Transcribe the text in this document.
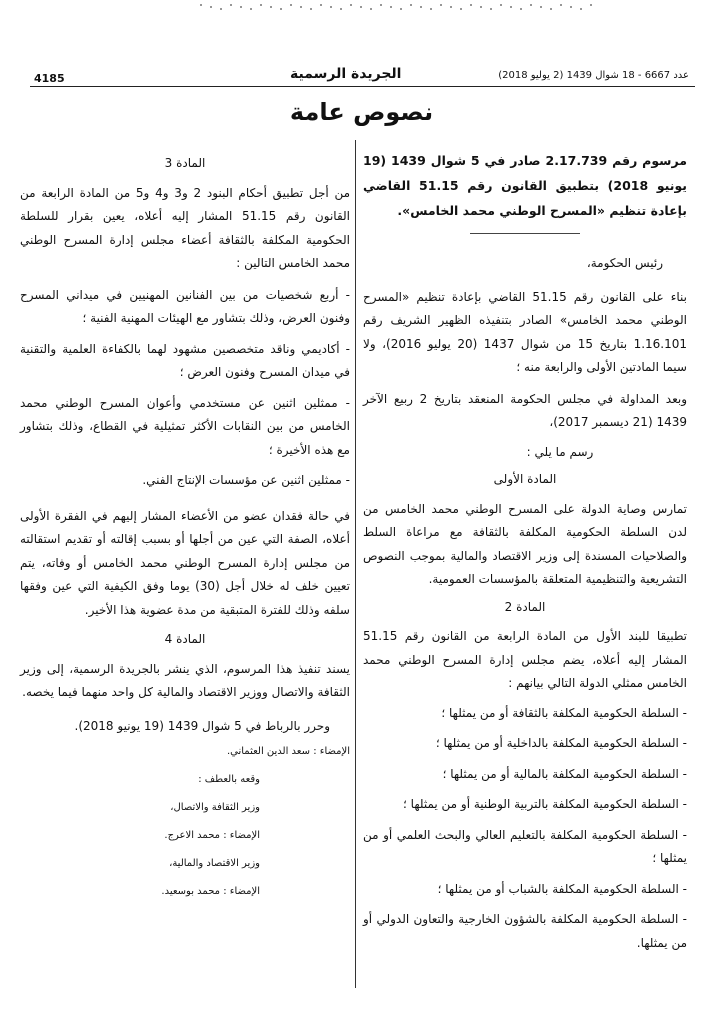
4185	الجريدة الرسمية	عدد 6667 - 18 شوال 1439 (2 يوليو 2018)
نصوص عامة

مرسوم رقم 2.17.739 صادر في 5 شوال 1439 (19 يونيو 2018) بتطبيق القانون رقم 51.15 القاضي بإعادة تنظيم «المسرح الوطني محمد الخامس».

رئيس الحكومة،

بناء على القانون رقم 51.15 القاضي بإعادة تنظيم «المسرح الوطني محمد الخامس» الصادر بتنفيذه الظهير الشريف رقم 1.16.101 بتاريخ 15 من شوال 1437 (20 يوليو 2016)، ولا سيما المادتين الأولى والرابعة منه ؛

وبعد المداولة في مجلس الحكومة المنعقد بتاريخ 2 ربيع الآخر 1439 (21 ديسمبر 2017)،

رسم ما يلي :

المادة الأولى

تمارس وصاية الدولة على المسرح الوطني محمد الخامس من لدن السلطة الحكومية المكلفة بالثقافة مع مراعاة السلط والصلاحيات المسندة إلى وزير الاقتصاد والمالية بموجب النصوص التشريعية والتنظيمية المتعلقة بالمؤسسات العمومية.

المادة 2

تطبيقا للبند الأول من المادة الرابعة من القانون رقم 51.15 المشار إليه أعلاه، يضم مجلس إدارة المسرح الوطني محمد الخامس ممثلي الدولة التالي بيانهم :

- السلطة الحكومية المكلفة بالثقافة أو من يمثلها ؛

- السلطة الحكومية المكلفة بالداخلية أو من يمثلها ؛

- السلطة الحكومية المكلفة بالمالية أو من يمثلها ؛

- السلطة الحكومية المكلفة بالتربية الوطنية أو من يمثلها ؛

- السلطة الحكومية المكلفة بالتعليم العالي والبحث العلمي أو من يمثلها ؛

- السلطة الحكومية المكلفة بالشباب أو من يمثلها ؛

- السلطة الحكومية المكلفة بالشؤون الخارجية والتعاون الدولي أو من يمثلها.

المادة 3

من أجل تطبيق أحكام البنود 2 و3 و4 و5 من المادة الرابعة من القانون رقم 51.15 المشار إليه أعلاه، يعين بقرار للسلطة الحكومية المكلفة بالثقافة أعضاء مجلس إدارة المسرح الوطني محمد الخامس التالين :

- أربع شخصيات من بين الفنانين المهنيين في ميداني المسرح وفنون العرض، وذلك بتشاور مع الهيئات المهنية الفنية ؛

- أكاديمي وناقد متخصصين مشهود لهما بالكفاءة العلمية والتقنية في ميدان المسرح وفنون العرض ؛

- ممثلين اثنين عن مستخدمي وأعوان المسرح الوطني محمد الخامس من بين النقابات الأكثر تمثيلية في القطاع، وذلك بتشاور مع هذه الأخيرة ؛

- ممثلين اثنين عن مؤسسات الإنتاج الفني.

في حالة فقدان عضو من الأعضاء المشار إليهم في الفقرة الأولى أعلاه، الصفة التي عين من أجلها أو بسبب إقالته أو تقديم استقالته من مجلس إدارة المسرح الوطني محمد الخامس أو وفاته، يتم تعيين خلف له خلال أجل (30) يوما وفق الكيفية التي عين وفقها سلفه وذلك للفترة المتبقية من مدة عضوية هذا الأخير.

المادة 4

يسند تنفيذ هذا المرسوم، الذي ينشر بالجريدة الرسمية، إلى وزير الثقافة والاتصال ووزير الاقتصاد والمالية كل واحد منهما فيما يخصه.

وحرر بالرباط في 5 شوال 1439 (19 يونيو 2018).

الإمضاء : سعد الدين العثماني.

وقعه بالعطف :

وزير الثقافة والاتصال،

الإمضاء : محمد الاعرج.

وزير الاقتصاد والمالية،

الإمضاء : محمد بوسعيد.
